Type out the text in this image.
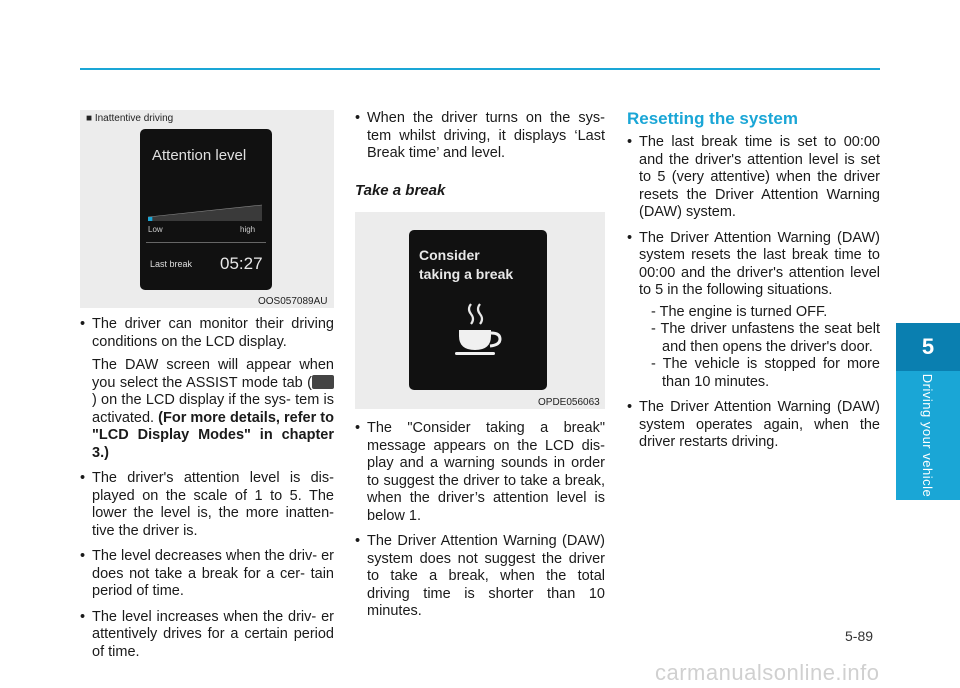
5
Driving your vehicle
■ Inattentive driving
Attention level
Low	high
Last break 05:27
OOS057089AU
• The driver can monitor their driving conditions on the LCD display.

The DAW screen will appear when you select the ASSIST mode tab () on the LCD display if the sys- tem is activated. (For more details, refer to "LCD Display Modes" in chapter 3.)

• The driver's attention level is dis- played on the scale of 1 to 5. The lower the level is, the more inatten- tive the driver is.

• The level decreases when the driv- er does not take a break for a cer- tain period of time.

• The level increases when the driv- er attentively drives for a certain period of time.

• When the driver turns on the sys- tem whilst driving, it displays ‘Last Break time’ and level.

Take a break
Consider
taking a break
OPDE056063
• The "Consider taking a break" message appears on the LCD dis- play and a warning sounds in order to suggest the driver to take a break, when the driver’s attention level is below 1.

• The Driver Attention Warning (DAW) system does not suggest the driver to take a break, when the total driving time is shorter than 10 minutes.

Resetting the system
• The last break time is set to 00:00 and the driver's attention level is set to 5 (very attentive) when the driver resets the Driver Attention Warning (DAW) system.

• The Driver Attention Warning (DAW) system resets the last break time to 00:00 and the driver's attention level to 5 in the following situations.

- The engine is turned OFF.

- The driver unfastens the seat belt and then opens the driver's door.

- The vehicle is stopped for more than 10 minutes.

• The Driver Attention Warning (DAW) system operates again, when the driver restarts driving.

5-89
carmanualsonline.info
